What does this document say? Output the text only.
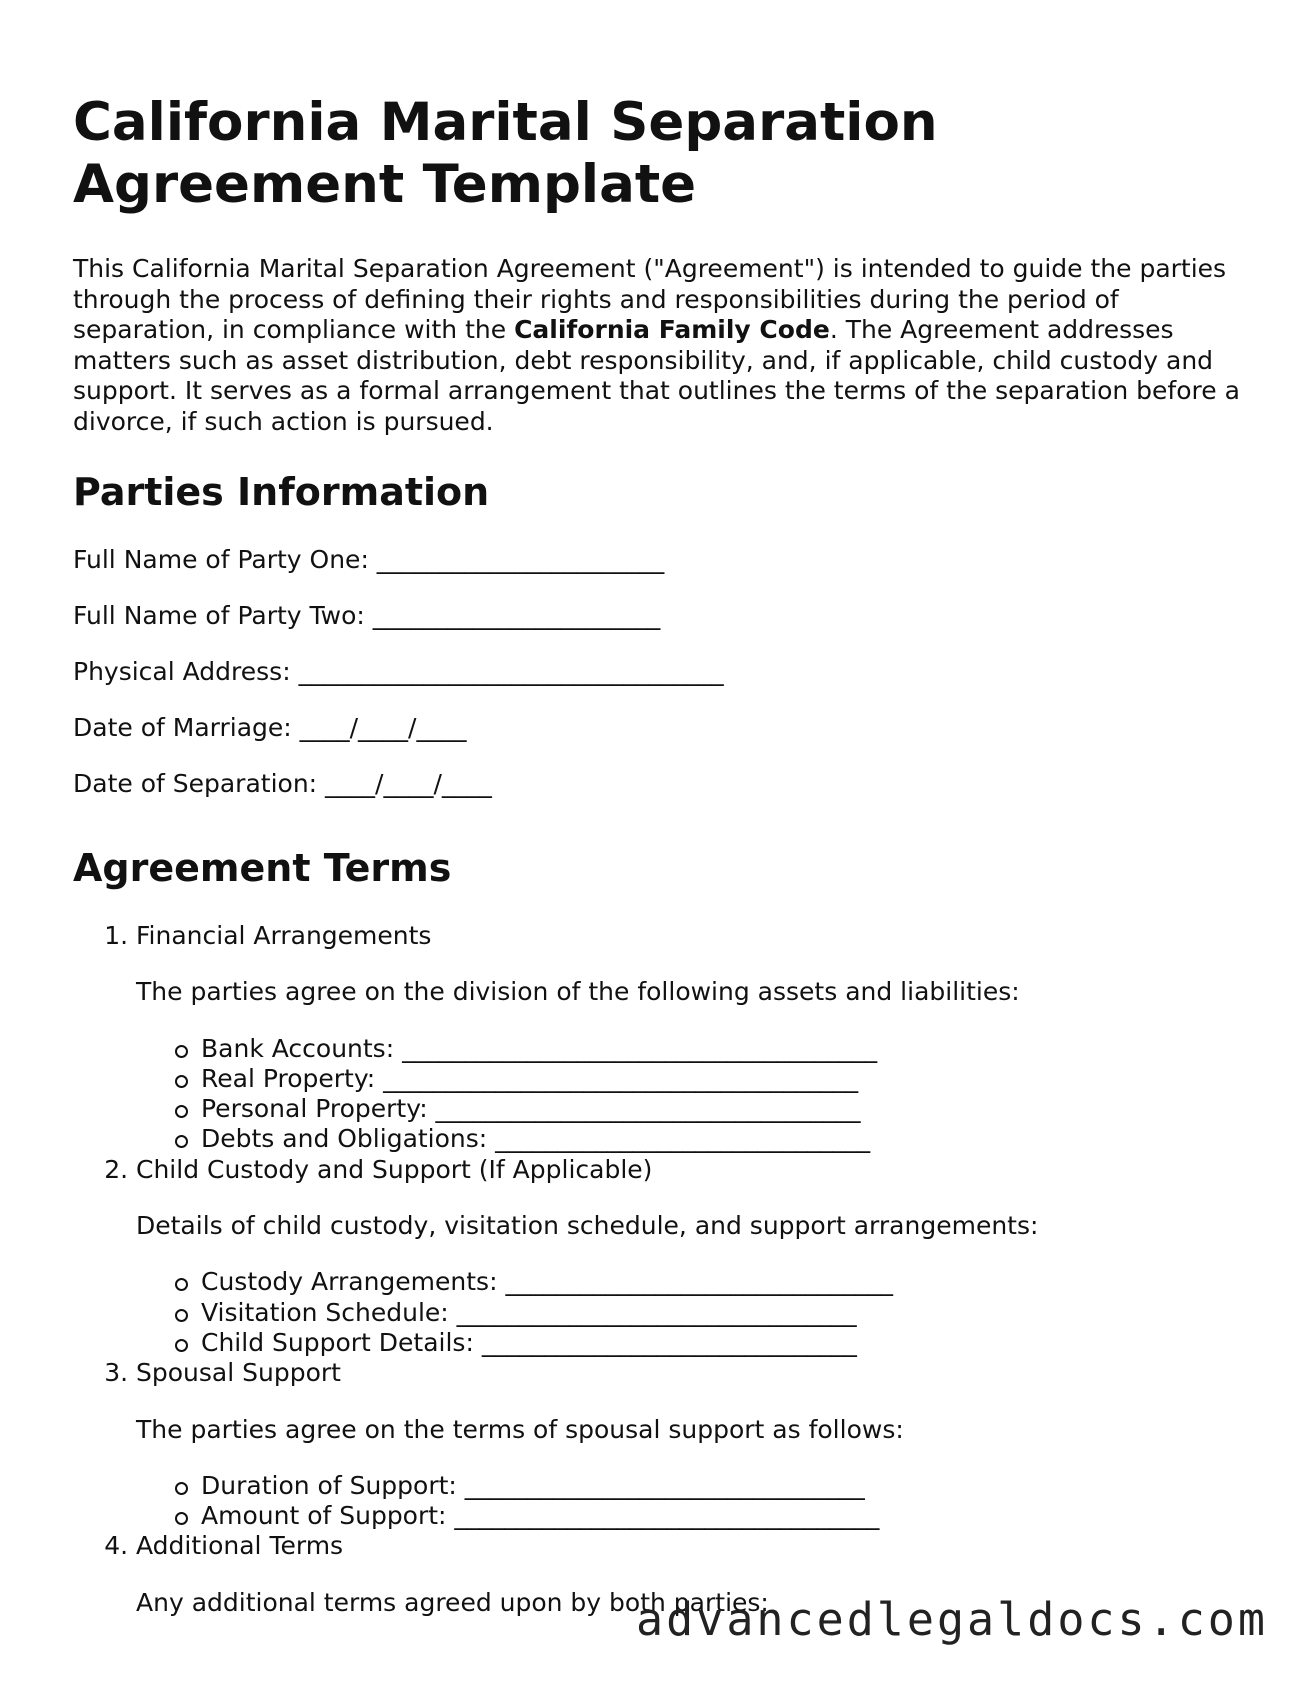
California Marital Separation Agreement Template

This California Marital Separation Agreement ("Agreement") is intended to guide the parties through the process of defining their rights and responsibilities during the period of separation, in compliance with the California Family Code. The Agreement addresses matters such as asset distribution, debt responsibility, and, if applicable, child custody and support. It serves as a formal arrangement that outlines the terms of the separation before a divorce, if such action is pursued.

Parties Information
Full Name of Party One: _______________________
Full Name of Party Two: _______________________
Physical Address: __________________________________
Date of Marriage: ____/____/____
Date of Separation: ____/____/____
Agreement Terms
1. Financial Arrangements
The parties agree on the division of the following assets and liabilities:
Bank Accounts: ______________________________________
Real Property: ______________________________________
Personal Property: __________________________________
Debts and Obligations: ______________________________
2. Child Custody and Support (If Applicable)
Details of child custody, visitation schedule, and support arrangements:
Custody Arrangements: _______________________________
Visitation Schedule: ________________________________
Child Support Details: ______________________________
3. Spousal Support
The parties agree on the terms of spousal support as follows:
Duration of Support: ________________________________
Amount of Support: __________________________________
4. Additional Terms
Any additional terms agreed upon by both parties:
advancedlegaldocs.com
